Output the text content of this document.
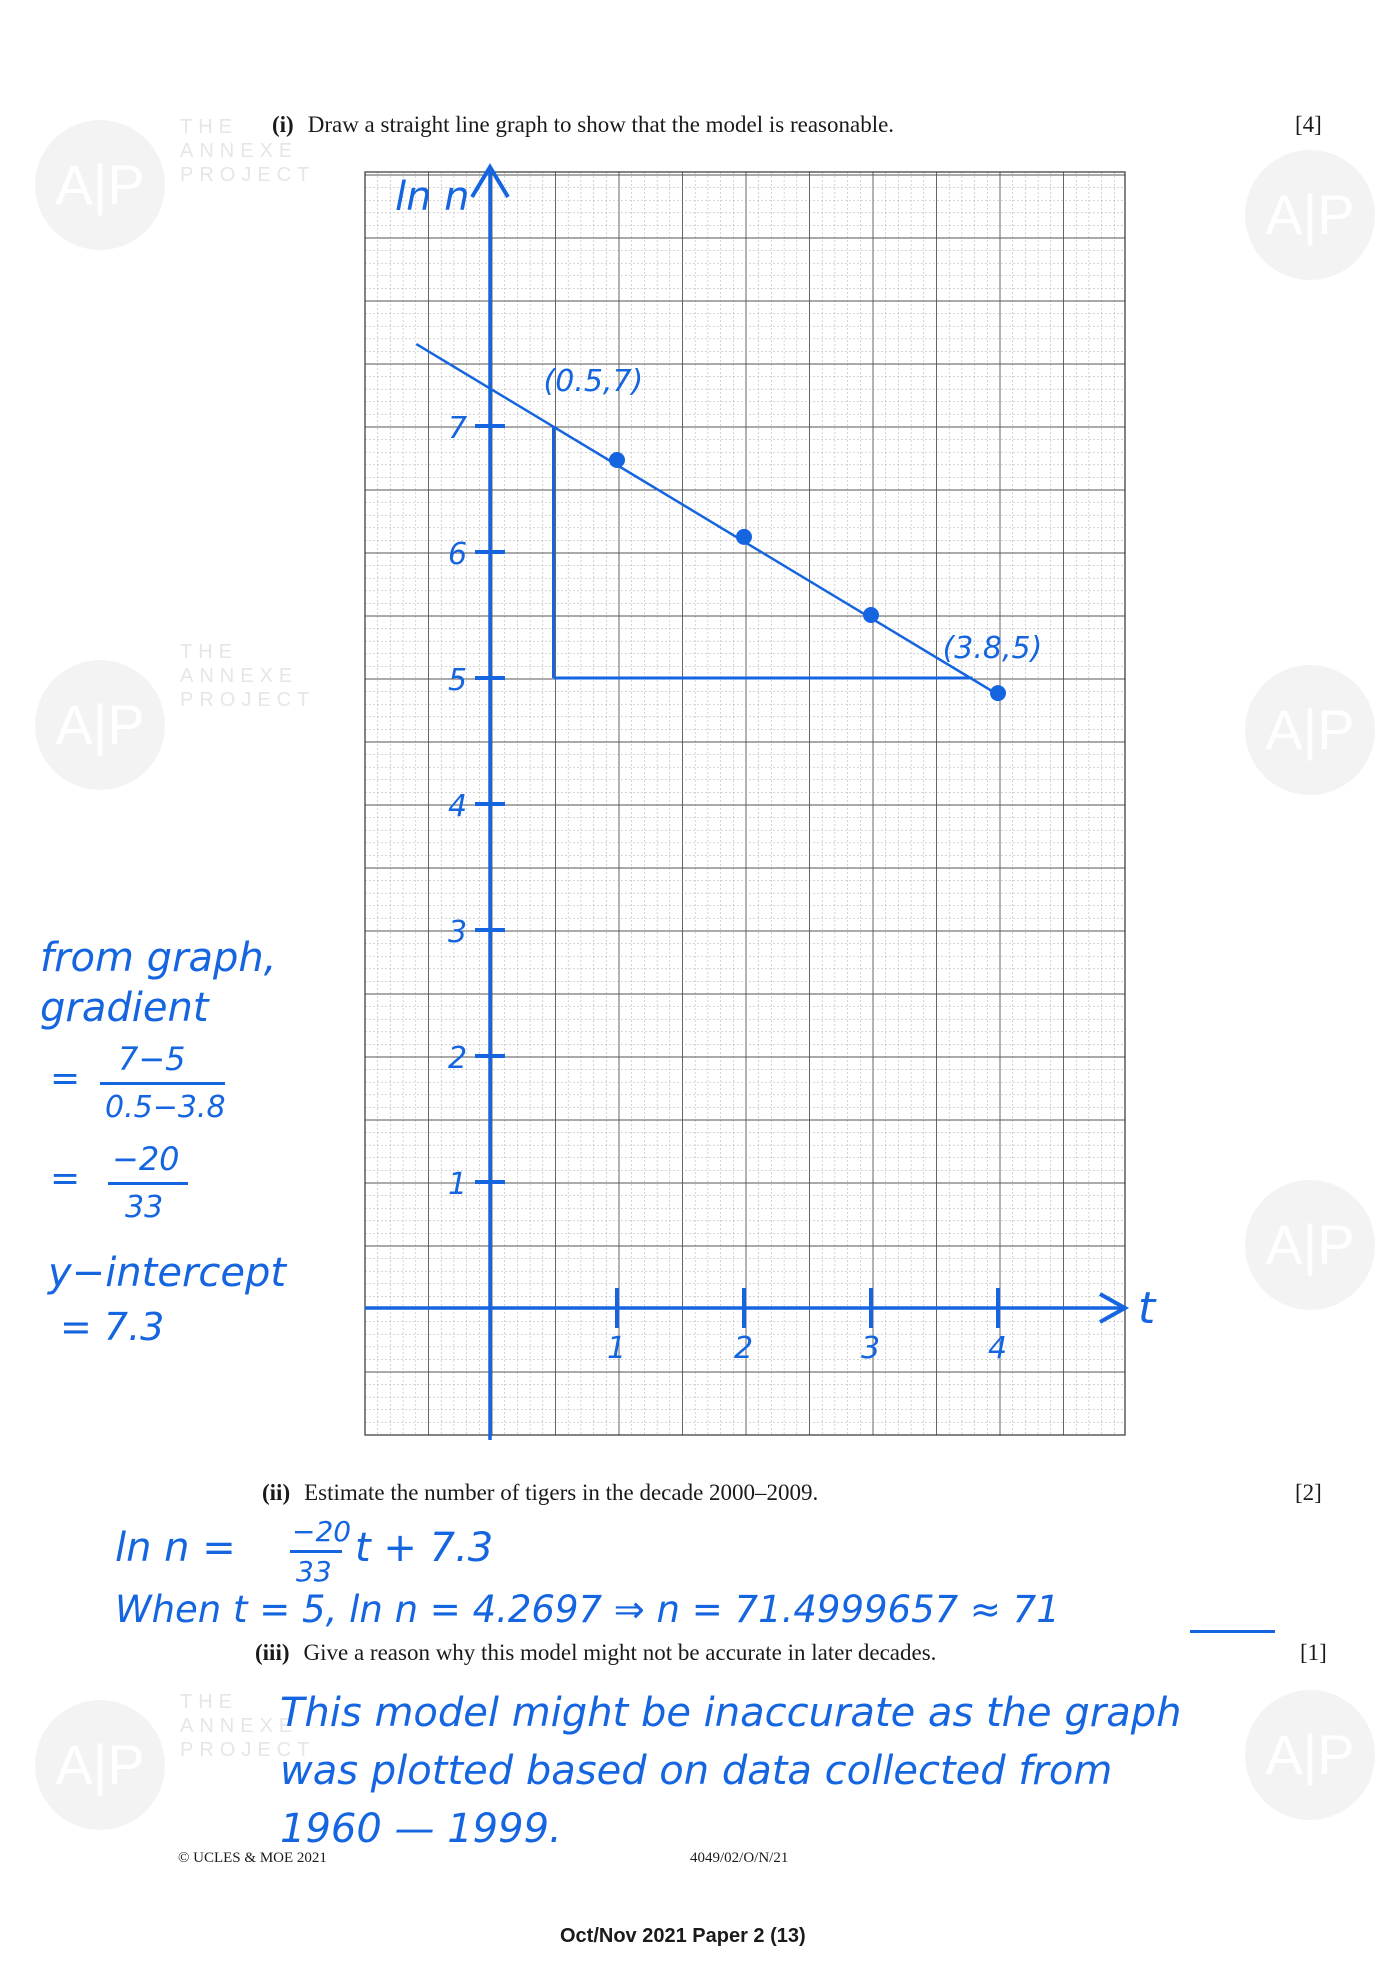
A|P
THE
ANNEXE
PROJECT
A|P
A|P
THE
ANNEXE
PROJECT	A|P
A|P
A|P
THE
ANNEXE
PROJECT	A|P
(i) Draw a straight line graph to show that the model is reasonable.	[4]
1
2
3
4
5
6
7
1	2	3	4
ln n
t
(0.5,7)
(3.8,5)
from graph,
gradient
= 7−5
0.5−3.8
= −20
33
y−intercept
= 7.3
(ii) Estimate the number of tigers in the decade 2000–2009.	[2]
ln n = −20
33
t + 7.3
When t = 5, ln n = 4.2697 ⇒ n = 71.4999657 ≈ 71
(iii) Give a reason why this model might not be accurate in later decades.	[1]
This model might be inaccurate as the graph
was plotted based on data collected from
1960 — 1999.
© UCLES & MOE 2021	4049/02/O/N/21
Oct/Nov 2021 Paper 2 (13)
